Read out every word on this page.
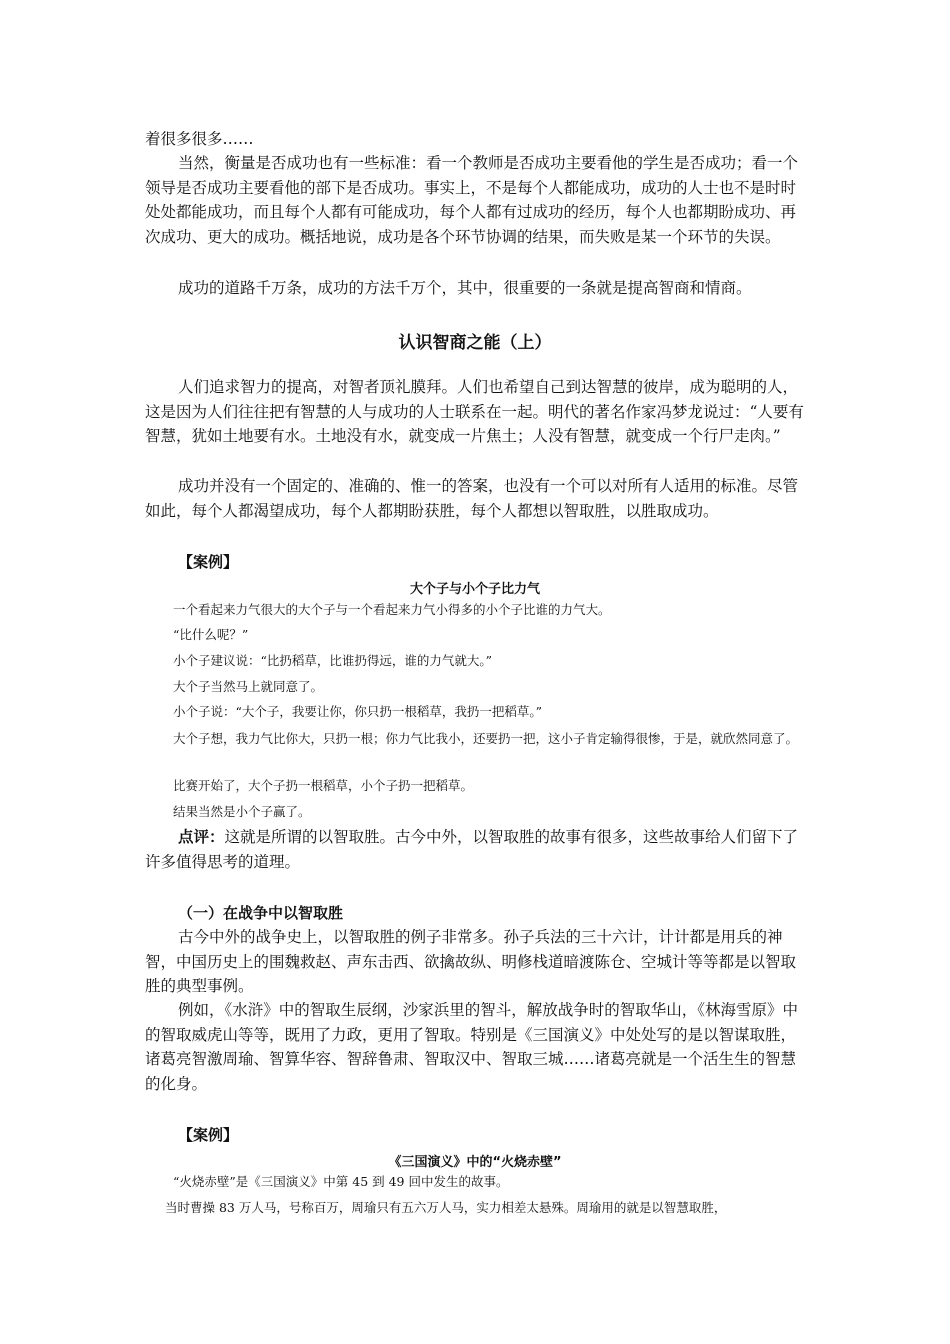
着很多很多……

当然，衡量是否成功也有一些标准：看一个教师是否成功主要看他的学生是否成功；看一个领导是否成功主要看他的部下是否成功。事实上，不是每个人都能成功，成功的人士也不是时时处处都能成功，而且每个人都有可能成功，每个人都有过成功的经历，每个人也都期盼成功、再次成功、更大的成功。概括地说，成功是各个环节协调的结果，而失败是某一个环节的失误。

成功的道路千万条，成功的方法千万个，其中，很重要的一条就是提高智商和情商。

认识智商之能（上）

人们追求智力的提高，对智者顶礼膜拜。人们也希望自己到达智慧的彼岸，成为聪明的人，这是因为人们往往把有智慧的人与成功的人士联系在一起。明代的著名作家冯梦龙说过：“人要有智慧，犹如土地要有水。土地没有水，就变成一片焦土；人没有智慧，就变成一个行尸走肉。”

成功并没有一个固定的、准确的、惟一的答案，也没有一个可以对所有人适用的标准。尽管如此，每个人都渴望成功，每个人都期盼获胜，每个人都想以智取胜，以胜取成功。

【案例】
大个子与小个子比力气

一个看起来力气很大的大个子与一个看起来力气小得多的小个子比谁的力气大。

“比什么呢？”

小个子建议说：“比扔稻草，比谁扔得远，谁的力气就大。”

大个子当然马上就同意了。

小个子说：“大个子，我要让你，你只扔一根稻草，我扔一把稻草。”

大个子想，我力气比你大，只扔一根；你力气比我小，还要扔一把，这小子肯定输得很惨，于是，就欣然同意了。

比赛开始了，大个子扔一根稻草，小个子扔一把稻草。

结果当然是小个子赢了。

点评：这就是所谓的以智取胜。古今中外，以智取胜的故事有很多，这些故事给人们留下了许多值得思考的道理。

（一）在战争中以智取胜

古今中外的战争史上，以智取胜的例子非常多。孙子兵法的三十六计，计计都是用兵的神智，中国历史上的围魏救赵、声东击西、欲擒故纵、明修栈道暗渡陈仓、空城计等等都是以智取胜的典型事例。

例如，《水浒》中的智取生辰纲，沙家浜里的智斗，解放战争时的智取华山，《林海雪原》中的智取威虎山等等，既用了力政，更用了智取。特别是《三国演义》中处处写的是以智谋取胜，诸葛亮智激周瑜、智算华容、智辞鲁肃、智取汉中、智取三城……诸葛亮就是一个活生生的智慧的化身。

【案例】
《三国演义》中的“火烧赤壁”

“火烧赤壁”是《三国演义》中第 45 到 49 回中发生的故事。

当时曹操 83 万人马，号称百万，周瑜只有五六万人马，实力相差太悬殊。周瑜用的就是以智慧取胜，
